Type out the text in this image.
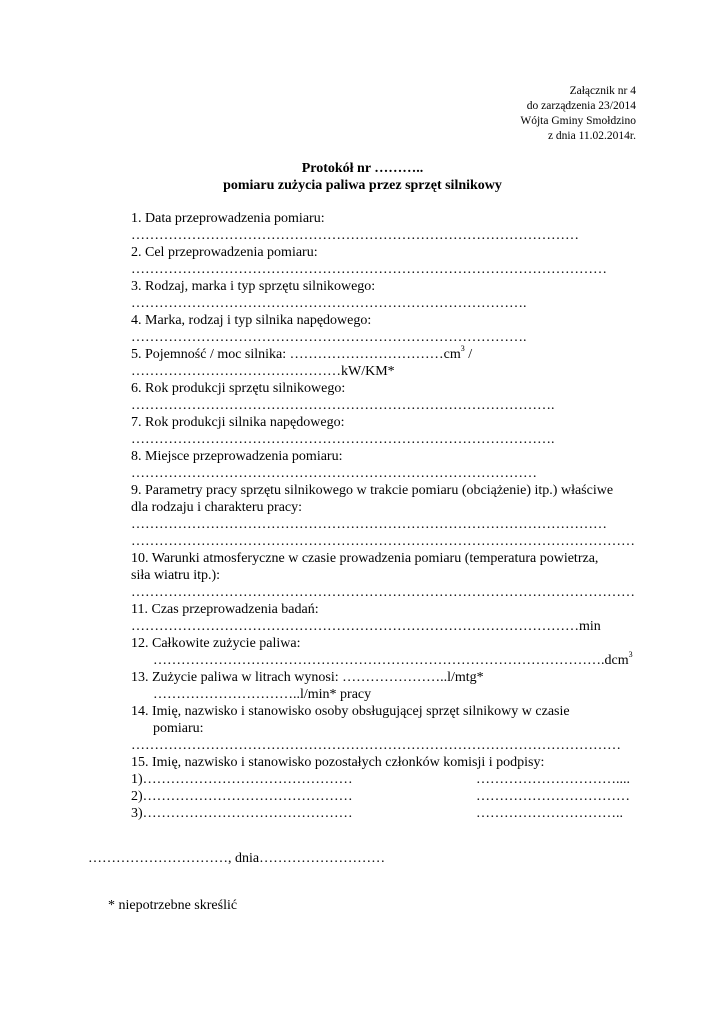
Załącznik nr 4
do zarządzenia 23/2014
Wójta Gminy Smołdzino
z dnia 11.02.2014r.
Protokół nr ………..
pomiaru zużycia paliwa przez sprzęt silnikowy
1. Data przeprowadzenia pomiaru:
……………………………………………………………………………………
2. Cel przeprowadzenia pomiaru:
…………………………………………………………………………………………
3. Rodzaj, marka i typ sprzętu silnikowego:
………………………………………………………………………….
4. Marka, rodzaj i typ silnika napędowego:
………………………………………………………………………….
5. Pojemność / moc silnika: $\dots\dots\dots\dots\dots\dots\dots\dots\dots\dots\dots cm^3$ /
………………………………………kW/KM*
6. Rok produkcji sprzętu silnikowego:
……………………………………………………………………………….
7. Rok produkcji silnika napędowego:
……………………………………………………………………………….
8. Miejsce przeprowadzenia pomiaru:
……………………………………………………………………………
9. Parametry pracy sprzętu silnikowego w trakcie pomiaru (obciążenie) itp.) właściwe
dla rodzaju i charakteru pracy:
…………………………………………………………………………………………
………………………………………………………………………………………………
10. Warunki atmosferyczne w czasie prowadzenia pomiaru (temperatura powietrza,
siła wiatru itp.):
………………………………………………………………………………………………
11. Czas przeprowadzenia badań:
……………………………………………………………………………………min
12. Całkowite zużycie paliwa:
…………………………………………………………………………………….dcm$^3$
13. Zużycie paliwa w litrach wynosi: …………………..l/mtg*
…………………………..l/min* pracy
14. Imię, nazwisko i stanowisko osoby obsługującej sprzęt silnikowy w czasie
pomiaru:
……………………………………………………………………………………………
15. Imię, nazwisko i stanowisko pozostałych członków komisji i podpisy:
1)………………………………………	…………………………....
2)………………………………………	……………………………
3)………………………………………	…………………………..
…………………………, dnia………………………
* niepotrzebne skreślić
